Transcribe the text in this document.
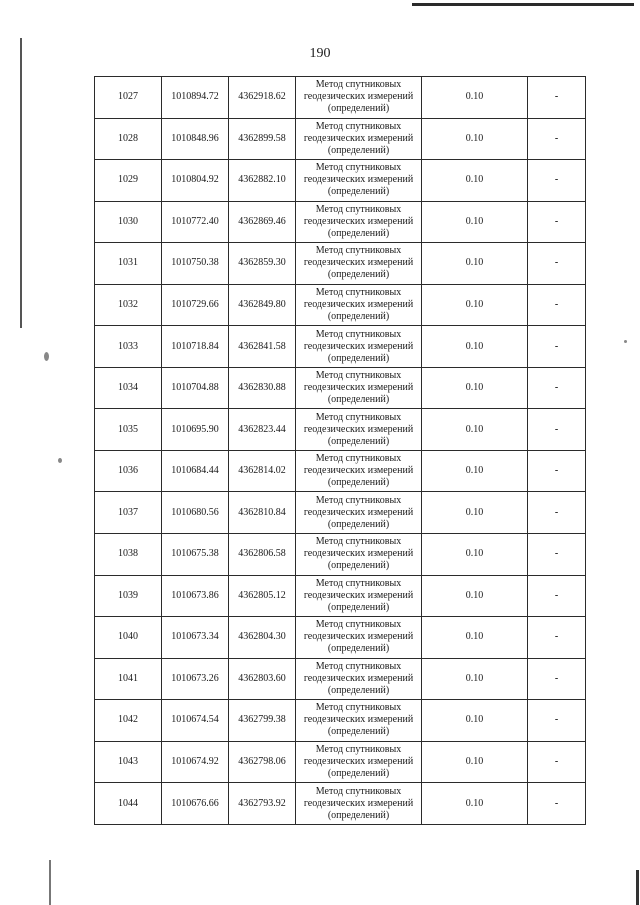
190
1027	1010894.72	4362918.62	Метод спутниковых
геодезических измерений
(определений)	0.10	-
1028	1010848.96	4362899.58	Метод спутниковых
геодезических измерений
(определений)	0.10	-
1029	1010804.92	4362882.10	Метод спутниковых
геодезических измерений
(определений)	0.10	-
1030	1010772.40	4362869.46	Метод спутниковых
геодезических измерений
(определений)	0.10	-
1031	1010750.38	4362859.30	Метод спутниковых
геодезических измерений
(определений)	0.10	-
1032	1010729.66	4362849.80	Метод спутниковых
геодезических измерений
(определений)	0.10	-
1033	1010718.84	4362841.58	Метод спутниковых
геодезических измерений
(определений)	0.10	-
1034	1010704.88	4362830.88	Метод спутниковых
геодезических измерений
(определений)	0.10	-
1035	1010695.90	4362823.44	Метод спутниковых
геодезических измерений
(определений)	0.10	-
1036	1010684.44	4362814.02	Метод спутниковых
геодезических измерений
(определений)	0.10	-
1037	1010680.56	4362810.84	Метод спутниковых
геодезических измерений
(определений)	0.10	-
1038	1010675.38	4362806.58	Метод спутниковых
геодезических измерений
(определений)	0.10	-
1039	1010673.86	4362805.12	Метод спутниковых
геодезических измерений
(определений)	0.10	-
1040	1010673.34	4362804.30	Метод спутниковых
геодезических измерений
(определений)	0.10	-
1041	1010673.26	4362803.60	Метод спутниковых
геодезических измерений
(определений)	0.10	-
1042	1010674.54	4362799.38	Метод спутниковых
геодезических измерений
(определений)	0.10	-
1043	1010674.92	4362798.06	Метод спутниковых
геодезических измерений
(определений)	0.10	-
1044	1010676.66	4362793.92	Метод спутниковых
геодезических измерений
(определений)	0.10	-
